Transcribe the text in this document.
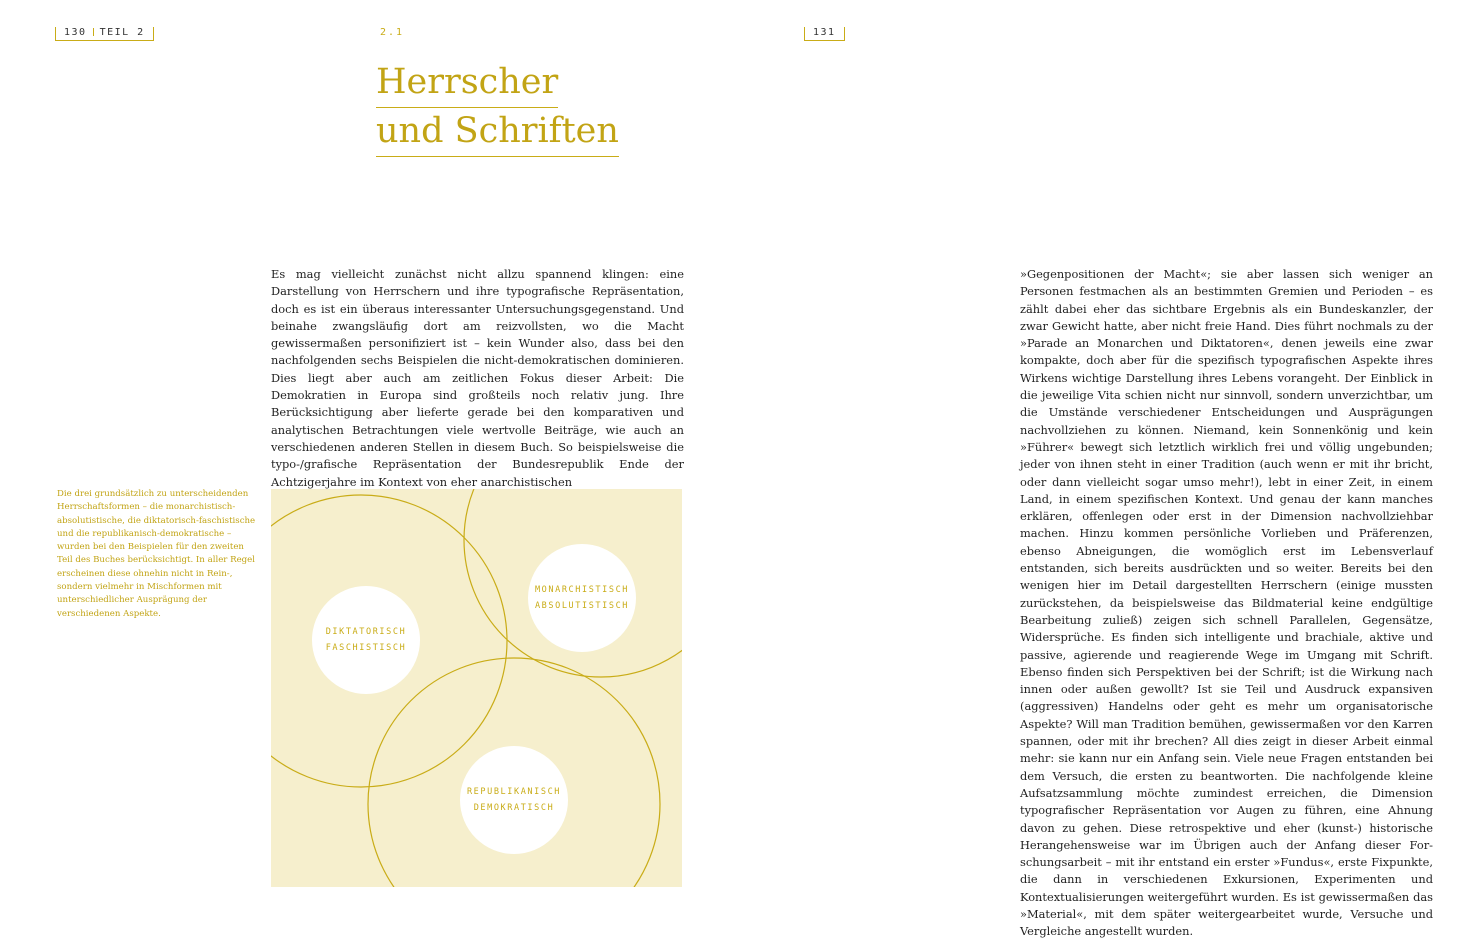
130 TEIL 2	2.1
Herrscher
und Schriften

Es mag vielleicht zunächst nicht allzu spannend klingen: eine Darstellung von Herrschern und ihre typografische Repräsentation, doch es ist ein überaus interessanter Untersuchungsgegenstand. Und beinahe zwangsläufig dort am reizvollsten, wo die Macht gewissermaßen personifiziert ist – kein Wunder also, dass bei den nachfolgenden sechs Beispielen die nicht-demokratischen dominieren. Dies liegt aber auch am zeitlichen Fokus dieser Arbeit: Die Demokratien in Europa sind großteils noch relativ jung. Ihre Berücksichtigung aber lieferte gerade bei den komparativen und analytischen Betrachtungen viele wertvolle Beiträge, wie auch an verschiedenen anderen Stellen in diesem Buch. So beispielsweise die typo-/grafische Repräsentation der Bundesrepublik Ende der Achtzigerjahre im Kontext von eher anarchistischen

Die drei grundsätzlich zu unterscheidenden Herrschaftsformen – die monarchistisch-absolutistische, die diktatorisch-faschistische und die republikanisch-demokratische – wurden bei den Beispielen für den zweiten Teil des Buches berücksichtigt. In aller Regel erscheinen diese ohnehin nicht in Rein-, sondern vielmehr in Mischformen mit unterschiedlicher Ausprägung der verschiedenen Aspekte.

DIKTATORISCH
FASCHISTISCH
MONARCHISTISCH
ABSOLUTISTISCH
REPUBLIKANISCH
DEMOKRATISCH
131

»Gegenpositionen der Macht«; sie aber lassen sich weniger an Personen festmachen als an bestimmten Gremien und Perioden – es zählt dabei eher das sichtbare Ergebnis als ein Bundeskanzler, der zwar Gewicht hatte, aber nicht freie Hand. Dies führt nochmals zu der »Parade an Monarchen und Diktatoren«, denen jeweils eine zwar kompakte, doch aber für die spezifisch typografischen Aspekte ihres Wirkens wichtige Darstellung ihres Lebens vorangeht. Der Einblick in die jeweilige Vita schien nicht nur sinnvoll, sondern unverzichtbar, um die Umstände verschiedener Entscheidungen und Ausprägungen nachvollziehen zu können. Niemand, kein Sonnenkönig und kein »Führer« bewegt sich letztlich wirklich frei und völlig ungebunden; jeder von ihnen steht in einer Tradition (auch wenn er mit ihr bricht, oder dann vielleicht sogar umso mehr!), lebt in einer Zeit, in einem Land, in einem spezifischen Kontext. Und genau der kann manches erklären, offenlegen oder erst in der Dimension nachvollziehbar machen. Hinzu kommen persönliche Vorlieben und Präferenzen, ebenso Abneigungen, die womöglich erst im Lebensverlauf entstanden, sich bereits ausdrückten und so weiter. Bereits bei den wenigen hier im Detail dargestellten Herrschern (einige mussten zurückstehen, da beispielsweise das Bildmaterial keine endgültige Bearbeitung zuließ) zeigen sich schnell Parallelen, Gegensätze, Widersprüche. Es finden sich intelligente und brachiale, aktive und passive, agierende und reagierende Wege im Umgang mit Schrift. Ebenso finden sich Perspektiven bei der Schrift; ist die Wirkung nach innen oder außen gewollt? Ist sie Teil und Ausdruck expansiven (aggressiven) Handelns oder geht es mehr um organisatorische Aspekte? Will man Tradition bemühen, gewissermaßen vor den Karren spannen, oder mit ihr brechen? All dies zeigt in dieser Arbeit einmal mehr: sie kann nur ein Anfang sein. Viele neue Fragen entstanden bei dem Versuch, die ersten zu beantworten. Die nachfolgende kleine Aufsatzsammlung möchte zumindest erreichen, die Dimension typografischer Repräsentation vor Augen zu führen, eine Ahnung davon zu gehen. Diese retrospektive und eher (kunst-) historische Herangehensweise war im Übrigen auch der Anfang dieser Forschungsarbeit – mit ihr entstand ein erster »Fundus«, erste Fixpunkte, die dann in verschiedenen Exkursionen, Experimenten und Kontextualisierungen weitergeführt wurden. Es ist gewissermaßen das »Material«, mit dem später weitergearbeitet wurde, Versuche und Vergleiche angestellt wurden.
